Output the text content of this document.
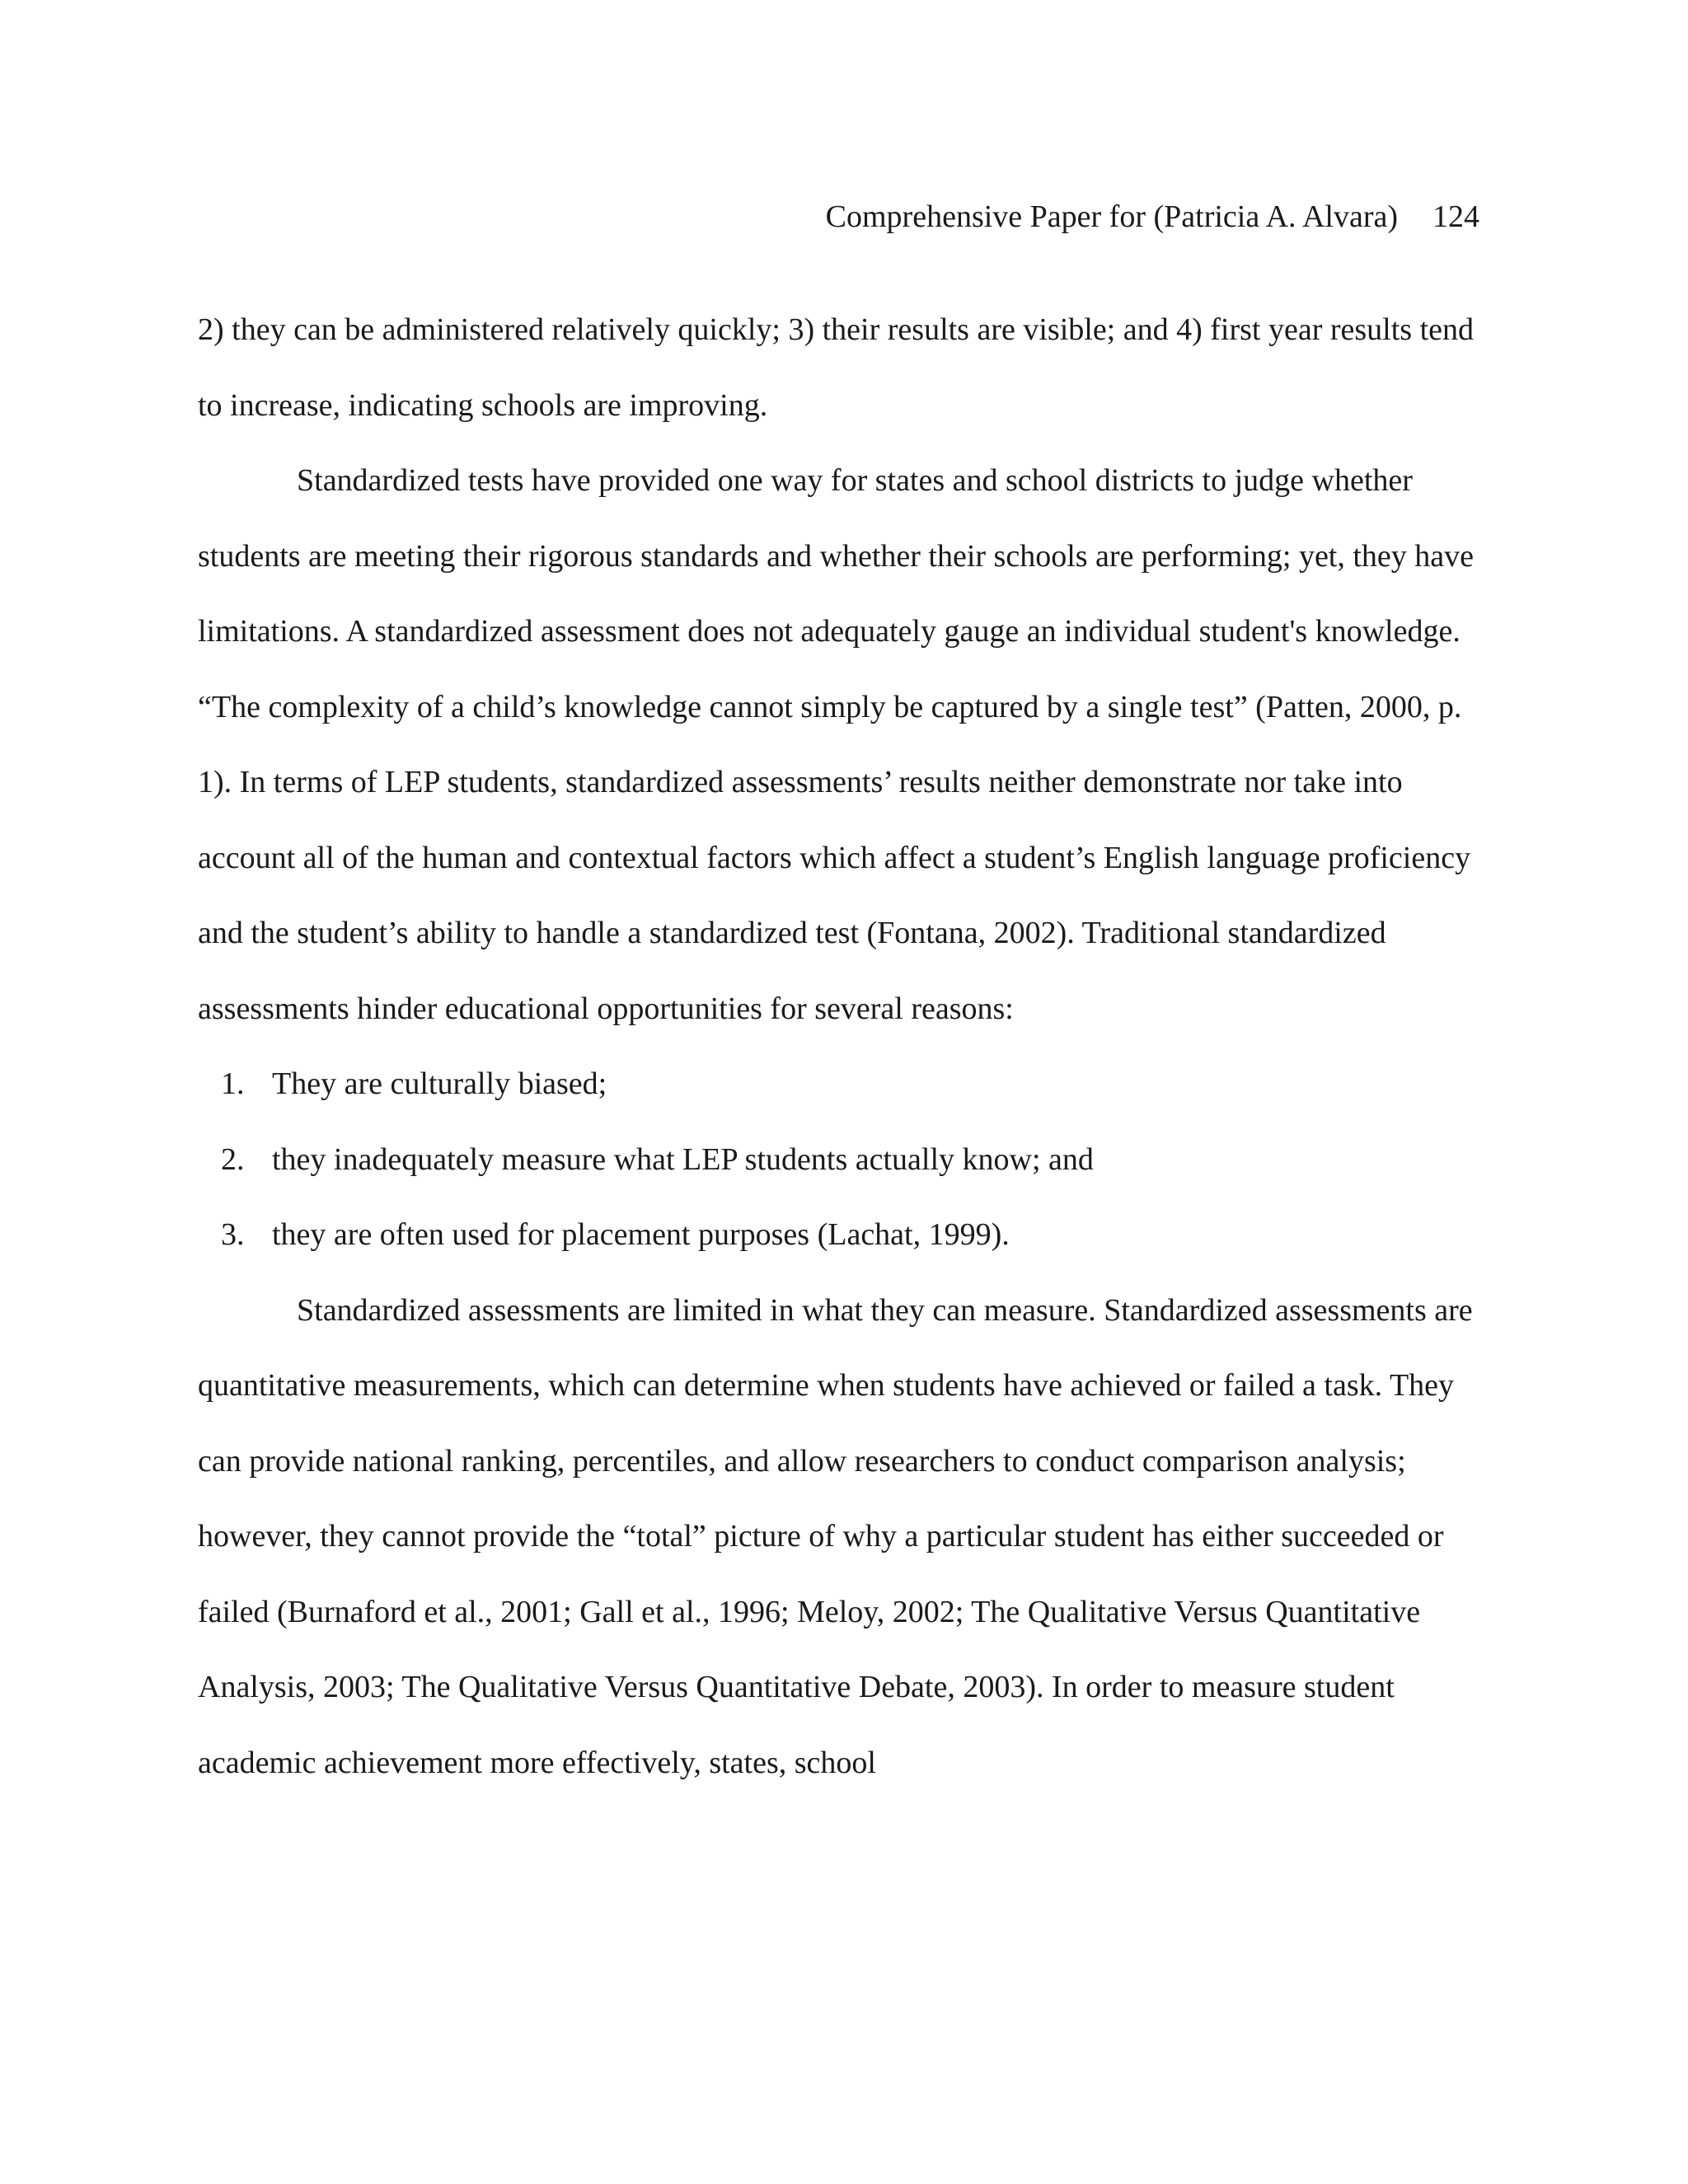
Comprehensive Paper for (Patricia A. Alvara) 124

2) they can be administered relatively quickly; 3) their results are visible; and 4) first year results tend to increase, indicating schools are improving.

Standardized tests have provided one way for states and school districts to judge whether students are meeting their rigorous standards and whether their schools are performing; yet, they have limitations. A standardized assessment does not adequately gauge an individual student's knowledge. “The complexity of a child’s knowledge cannot simply be captured by a single test” (Patten, 2000, p. 1). In terms of LEP students, standardized assessments’ results neither demonstrate nor take into account all of the human and contextual factors which affect a student’s English language proficiency and the student’s ability to handle a standardized test (Fontana, 2002). Traditional standardized assessments hinder educational opportunities for several reasons:

1. They are culturally biased;
2. they inadequately measure what LEP students actually know; and
3. they are often used for placement purposes (Lachat, 1999).

Standardized assessments are limited in what they can measure. Standardized assessments are quantitative measurements, which can determine when students have achieved or failed a task. They can provide national ranking, percentiles, and allow researchers to conduct comparison analysis; however, they cannot provide the “total” picture of why a particular student has either succeeded or failed (Burnaford et al., 2001; Gall et al., 1996; Meloy, 2002; The Qualitative Versus Quantitative Analysis, 2003; The Qualitative Versus Quantitative Debate, 2003). In order to measure student academic achievement more effectively, states, school
